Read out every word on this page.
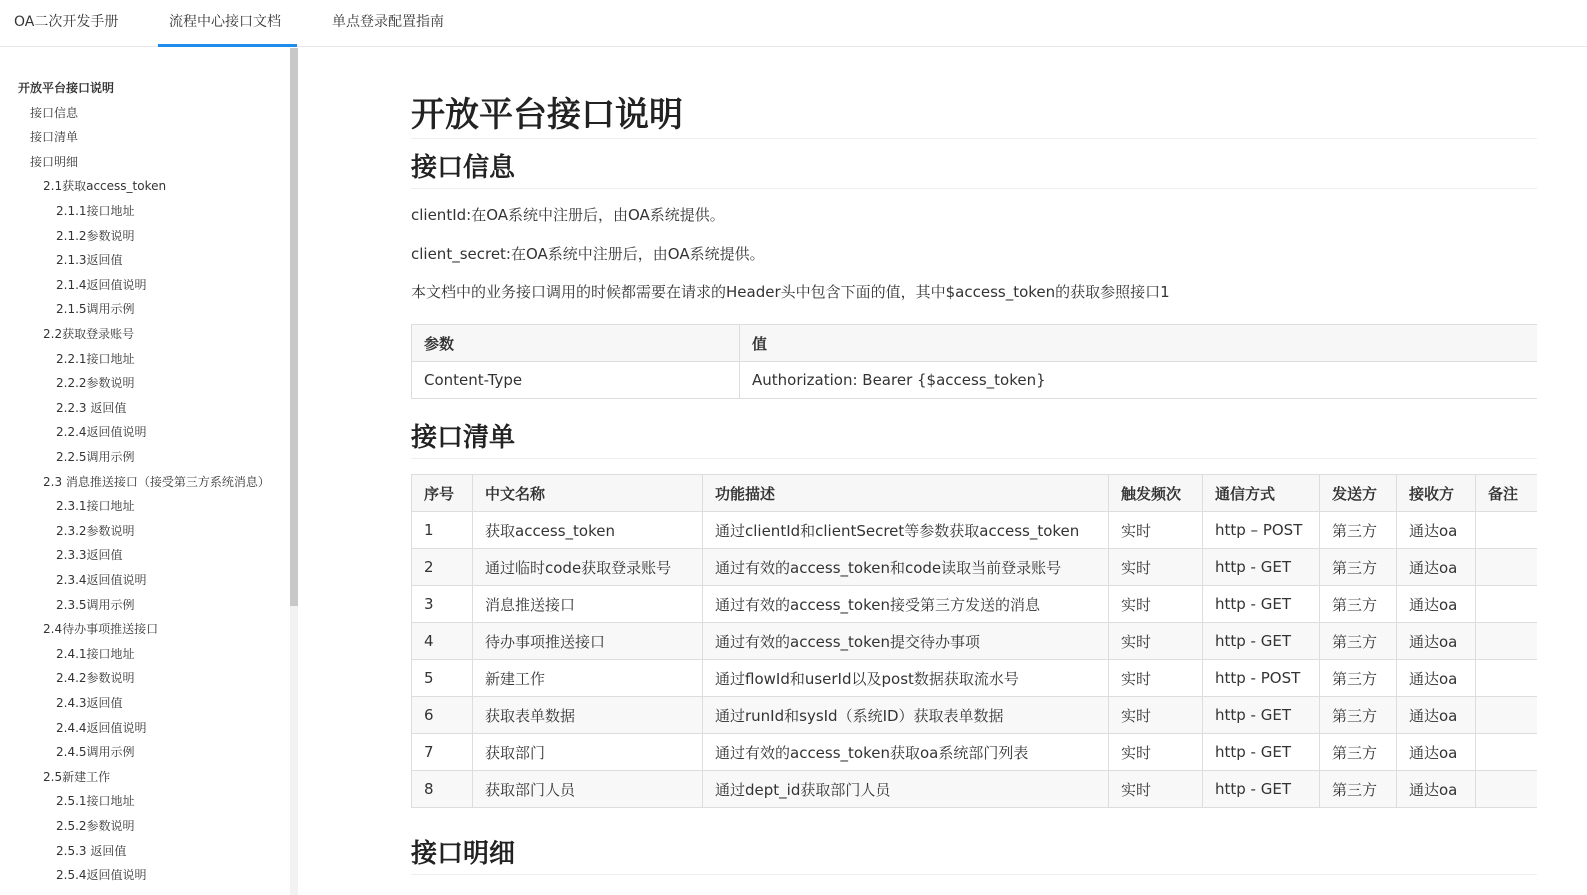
OA二次开发手册	流程中心接口文档	单点登录配置指南
开放平台接口说明
接口信息
接口清单
接口明细
2.1获取access_token
2.1.1接口地址
2.1.2参数说明
2.1.3返回值
2.1.4返回值说明
2.1.5调用示例
2.2获取登录账号
2.2.1接口地址
2.2.2参数说明
2.2.3 返回值
2.2.4返回值说明
2.2.5调用示例
2.3 消息推送接口（接受第三方系统消息）
2.3.1接口地址
2.3.2参数说明
2.3.3返回值
2.3.4返回值说明
2.3.5调用示例
2.4待办事项推送接口
2.4.1接口地址
2.4.2参数说明
2.4.3返回值
2.4.4返回值说明
2.4.5调用示例
2.5新建工作
2.5.1接口地址
2.5.2参数说明
2.5.3 返回值
2.5.4返回值说明
开放平台接口说明
接口信息
clientId:在OA系统中注册后，由OA系统提供。
client_secret:在OA系统中注册后，由OA系统提供。
本文档中的业务接口调用的时候都需要在请求的Header头中包含下面的值，其中$access_token的获取参照接口1
参数	值
Content-Type	Authorization: Bearer {$access_token}
接口清单
序号	中文名称	功能描述	触发频次	通信方式	发送方	接收方	备注
1	获取access_token	通过clientId和clientSecret等参数获取access_token	实时	http – POST	第三方	通达oa	
2	通过临时code获取登录账号	通过有效的access_token和code读取当前登录账号	实时	http - GET	第三方	通达oa	
3	消息推送接口	通过有效的access_token接受第三方发送的消息	实时	http - GET	第三方	通达oa	
4	待办事项推送接口	通过有效的access_token提交待办事项	实时	http - GET	第三方	通达oa	
5	新建工作	通过flowId和userId以及post数据获取流水号	实时	http - POST	第三方	通达oa	
6	获取表单数据	通过runId和sysId（系统ID）获取表单数据	实时	http - GET	第三方	通达oa	
7	获取部门	通过有效的access_token获取oa系统部门列表	实时	http - GET	第三方	通达oa	
8	获取部门人员	通过dept_id获取部门人员	实时	http - GET	第三方	通达oa	
接口明细
